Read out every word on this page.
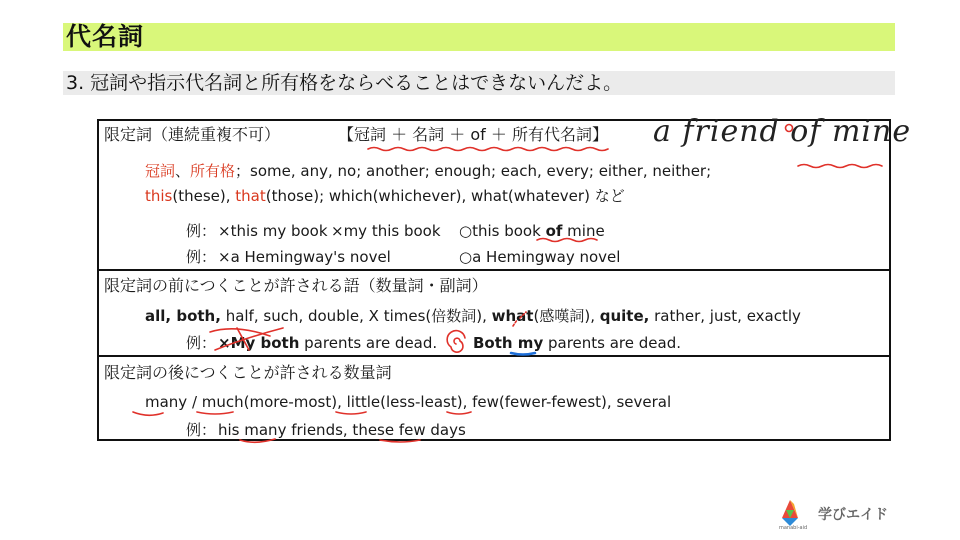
代名詞
3. 冠詞や指示代名詞と所有格をならべることはできないんだよ。
限定詞（連続重複不可）	【冠詞 ＋ 名詞 ＋ of ＋ 所有代名詞】
冠詞、所有格；some, any, no; another; enough; each, every; either, neither;
this(these), that(those); which(whichever), what(whatever) など
例： ×this my book ×my this book ○this book of mine
例： ×a Hemingway's novel	○a Hemingway novel
限定詞の前につくことが許される語（数量詞・副詞）
all, both, half, such, double, X times(倍数詞), what(感嘆詞), quite, rather, just, exactly
例： ×My both parents are dead. Both my parents are dead.
限定詞の後につくことが許される数量詞
many / much(more-most), little(less-least), few(fewer-fewest), several
例： his many friends, these few days
a friend of mine
学びエイド
manabi-aid
